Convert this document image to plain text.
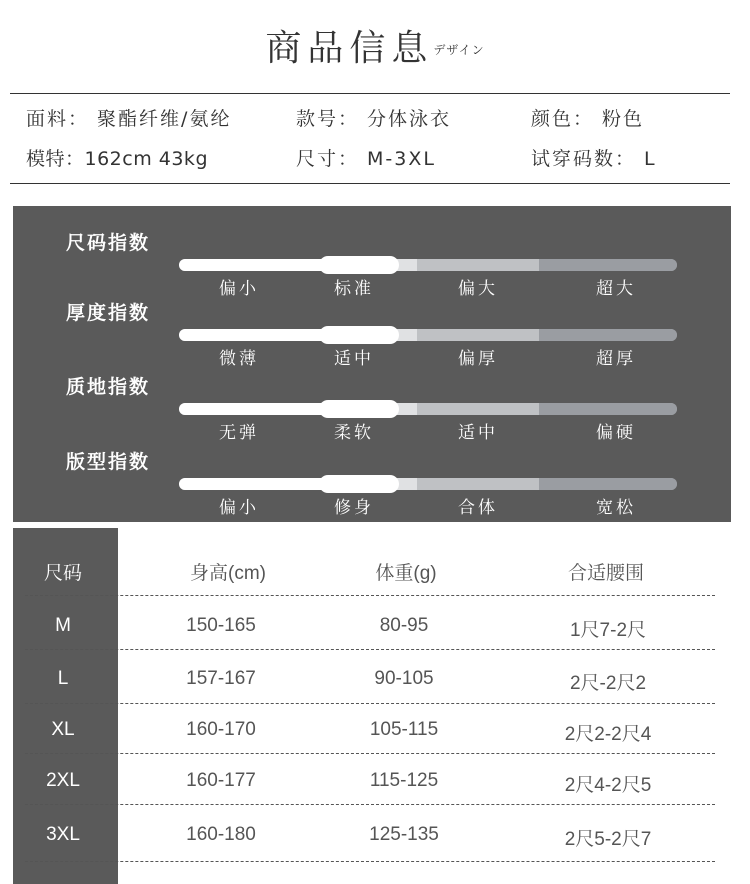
商品信息$^{デザイン}$
面料： 聚酯纤维/氨纶	款号： 分体泳衣	颜色： 粉色
模特：162cm 43kg	尺寸： M-3XL	试穿码数： L
尺码指数
偏小	标准	偏大	超大
厚度指数
微薄	适中	偏厚	超厚
质地指数
无弹	柔软	适中	偏硬
版型指数
偏小	修身	合体	宽松
尺码	身高(cm)	体重(g)	合适腰围
M	150-165	80-95	1尺7-2尺
L	157-167	90-105	2尺-2尺2
XL	160-170	105-115	2尺2-2尺4
2XL	160-177	115-125	2尺4-2尺5
3XL	160-180	125-135	2尺5-2尺7
